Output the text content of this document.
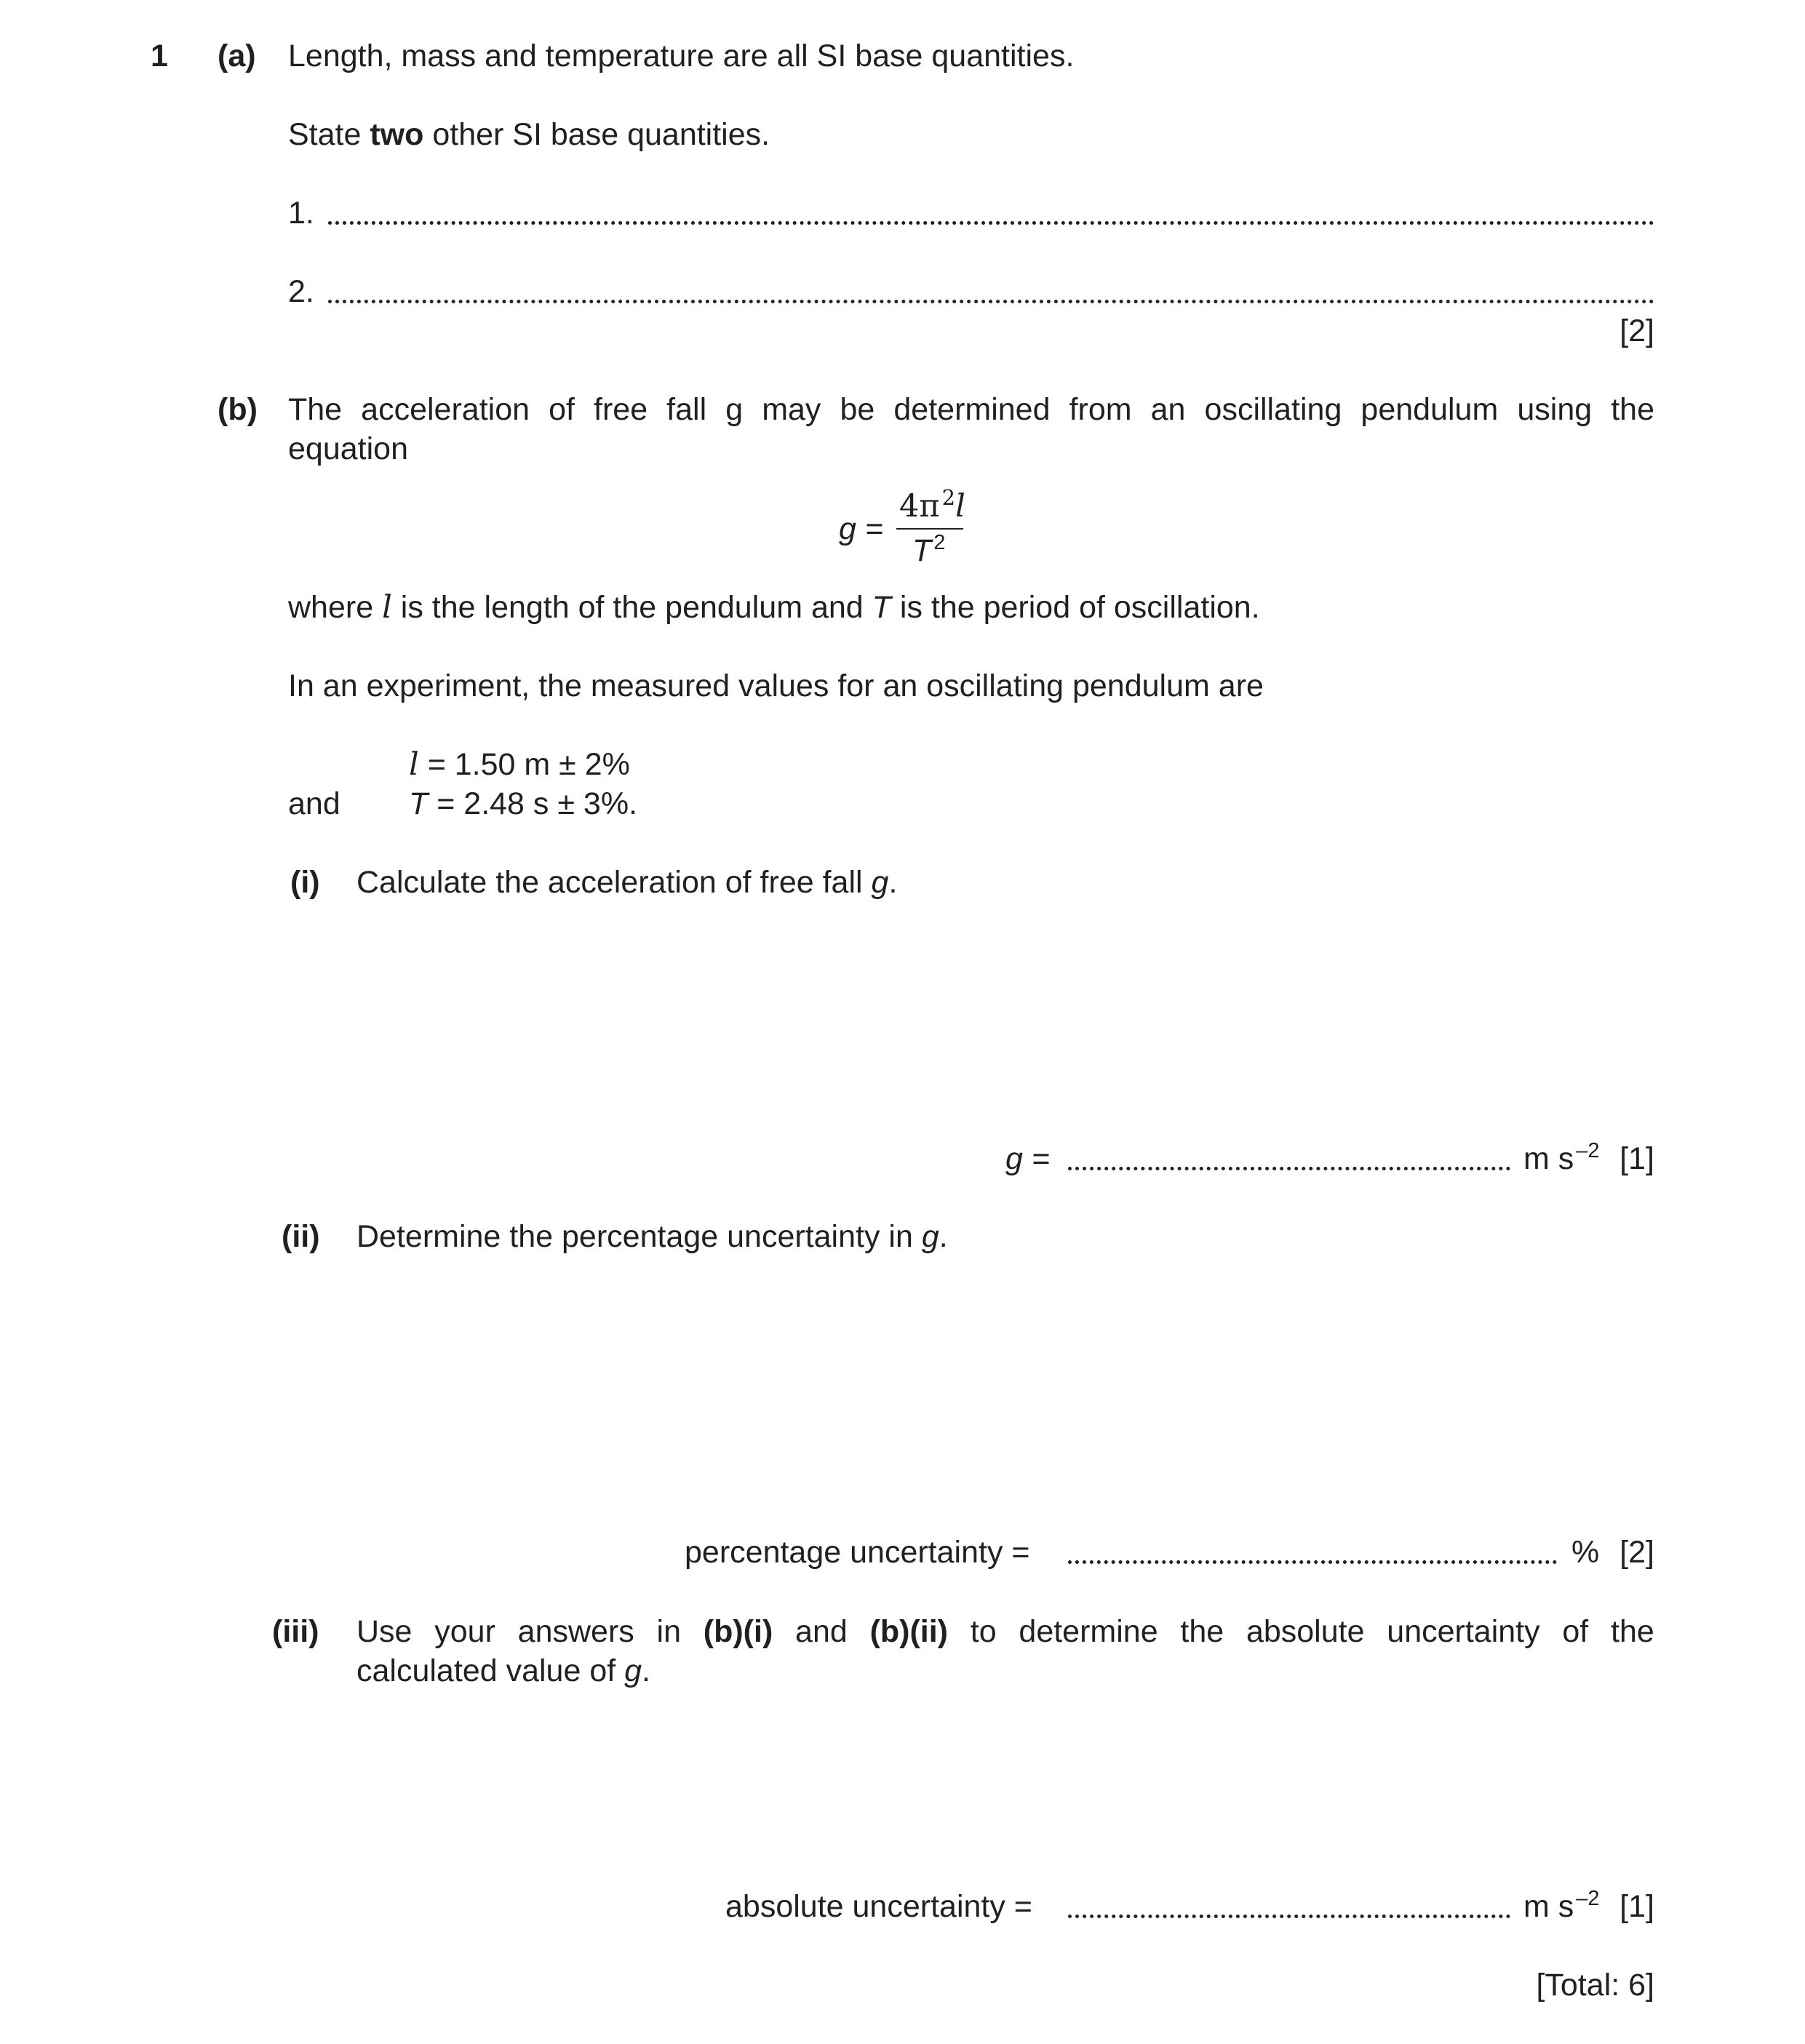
1 (a) Length, mass and temperature are all SI base quantities.
State two other SI base quantities.
1.
2.
[2]
(b) The acceleration of free fall g may be determined from an oscillating pendulum using the
equation
g =
4π $^2$l
T $^2$
where l is the length of the pendulum and T is the period of oscillation.
In an experiment, the measured values for an oscillating pendulum are
l = 1.50 m ± 2%
and T = 2.48 s ± 3%.
(i) Calculate the acceleration of free fall g.
g =	m s $^{-2}$ [1]
(ii) Determine the percentage uncertainty in g.
percentage uncertainty =	% [2]
(iii) Use your answers in (b)(i) and (b)(ii) to determine the absolute uncertainty of the
calculated value of g.
absolute uncertainty =	m s $^{-2}$ [1]
[Total: 6]
